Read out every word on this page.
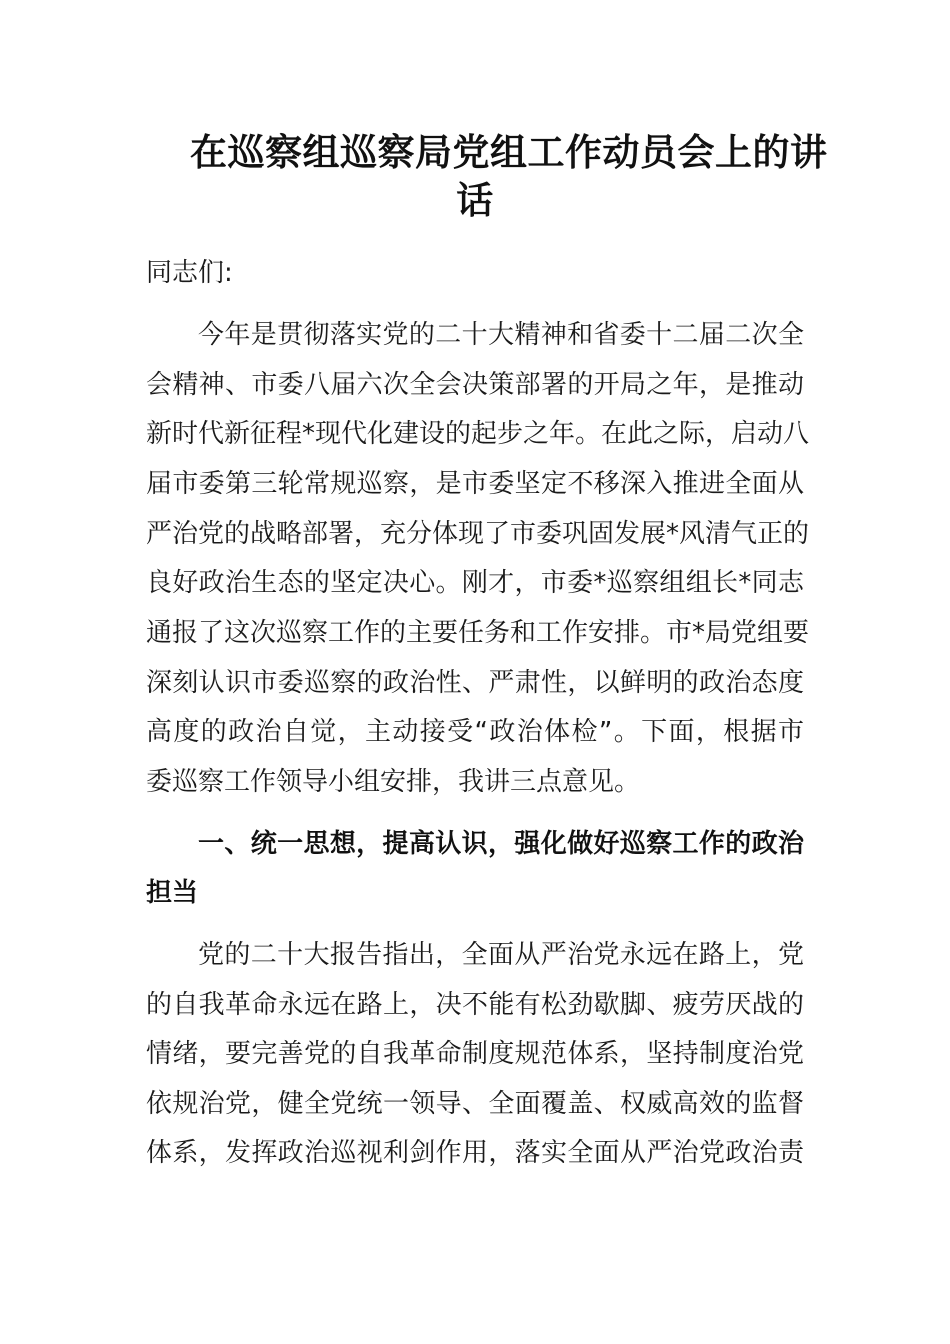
在巡察组巡察局党组工作动员会上的讲
话

同志们:

今年是贯彻落实党的二十大精神和省委十二届二次全

会精神、市委八届六次全会决策部署的开局之年，是推动

新时代新征程*现代化建设的起步之年。在此之际，启动八

届市委第三轮常规巡察，是市委坚定不移深入推进全面从

严治党的战略部署，充分体现了市委巩固发展*风清气正的

良好政治生态的坚定决心。刚才，市委*巡察组组长*同志

通报了这次巡察工作的主要任务和工作安排。市*局党组要

深刻认识市委巡察的政治性、严肃性，以鲜明的政治态度

高度的政治自觉，主动接受“政治体检”。下面，根据市

委巡察工作领导小组安排，我讲三点意见。

一、统一思想，提高认识，强化做好巡察工作的政治

担当

党的二十大报告指出，全面从严治党永远在路上，党

的自我革命永远在路上，决不能有松劲歇脚、疲劳厌战的

情绪，要完善党的自我革命制度规范体系，坚持制度治党

依规治党，健全党统一领导、全面覆盖、权威高效的监督

体系，发挥政治巡视利剑作用，落实全面从严治党政治责
